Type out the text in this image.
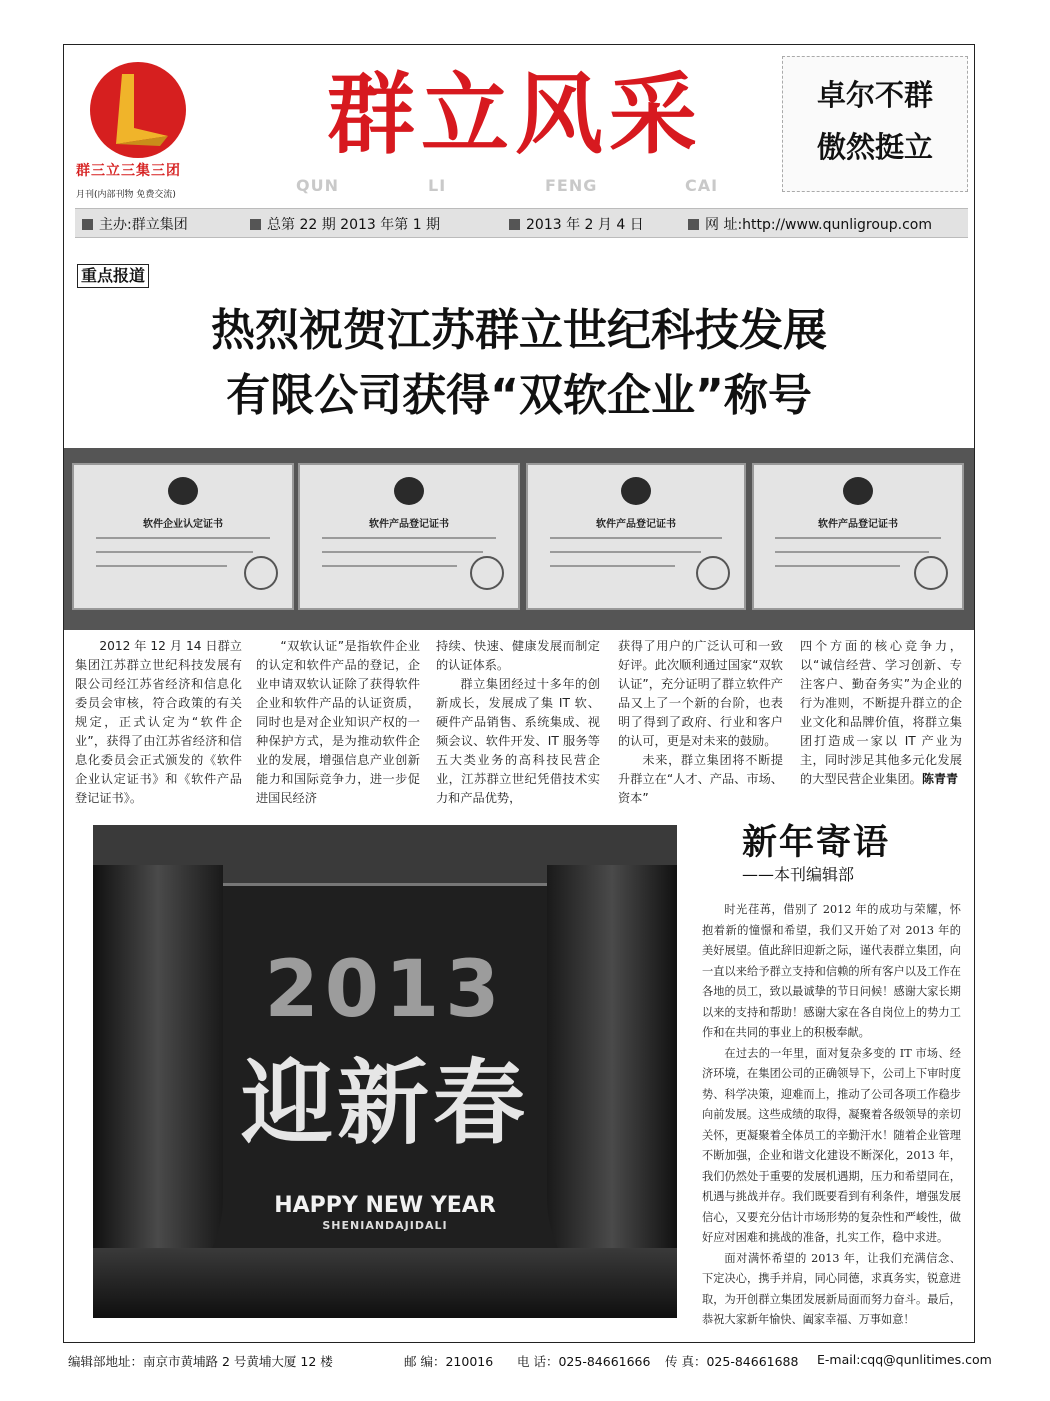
群三立三集三团
月刊(内部刊物 免费交流)
群立风采
QUN	LI	FENG	CAI
卓尔不群
傲然挺立
主办:群立集团	总第 22 期 2013 年第 1 期	2013 年 2 月 4 日	网 址:http://www.qunligroup.com
重点报道
热烈祝贺江苏群立世纪科技发展
有限公司获得“双软企业”称号
软件企业认定证书	软件产品登记证书	软件产品登记证书	软件产品登记证书
2012 年 12 月 14 日群立集团江苏群立世纪科技发展有限公司经江苏省经济和信息化委员会审核，符合政策的有关规定，正式认定为“软件企业”，获得了由江苏省经济和信息化委员会正式颁发的《软件企业认定证书》和《软件产品登记证书》。
“双软认证”是指软件企业的认定和软件产品的登记，企业申请双软认证除了获得软件企业和软件产品的认证资质，同时也是对企业知识产权的一种保护方式，是为推动软件企业的发展，增强信息产业创新能力和国际竞争力，进一步促进国民经济

持续、快速、健康发展而制定的认证体系。

群立集团经过十多年的创新成长，发展成了集 IT 软、硬件产品销售、系统集成、视频会议、软件开发、IT 服务等五大类业务的高科技民营企业，江苏群立世纪凭借技术实力和产品优势，

获得了用户的广泛认可和一致好评。此次顺利通过国家“双软认证”，充分证明了群立软件产品又上了一个新的台阶，也表明了得到了政府、行业和客户的认可，更是对未来的鼓励。

未来，群立集团将不断提升群立在“人才、产品、市场、资本”

四个方面的核心竞争力，以“诚信经营、学习创新、专注客户、勤奋务实”为企业的行为准则，不断提升群立的企业文化和品牌价值，将群立集团打造成一家以 IT 产业为主，同时涉足其他多元化发展的大型民营企业集团。 陈青青
2013
迎新春
HAPPY NEW YEAR
SHENIANDAJIDALI
新年寄语
——本刊编辑部

时光荏苒，借别了 2012 年的成功与荣耀，怀抱着新的憧憬和希望，我们又开始了对 2013 年的美好展望。值此辞旧迎新之际，谨代表群立集团，向一直以来给予群立支持和信赖的所有客户以及工作在各地的员工，致以最诚挚的节日问候！感谢大家长期以来的支持和帮助！感谢大家在各自岗位上的势力工作和在共同的事业上的积极奉献。

在过去的一年里，面对复杂多变的 IT 市场、经济环境，在集团公司的正确领导下，公司上下审时度势、科学决策，迎难而上，推动了公司各项工作稳步向前发展。这些成绩的取得，凝聚着各级领导的亲切关怀，更凝聚着全体员工的辛勤汗水！随着企业管理不断加强，企业和谐文化建设不断深化，2013 年，我们仍然处于重要的发展机遇期，压力和希望同在，机遇与挑战并存。我们既要看到有利条件，增强发展信心，又要充分估计市场形势的复杂性和严峻性，做好应对困难和挑战的准备，扎实工作，稳中求进。

面对满怀希望的 2013 年，让我们充满信念、下定决心，携手并肩，同心同德，求真务实，锐意进取，为开创群立集团发展新局面而努力奋斗。最后，恭祝大家新年愉快、阖家幸福、万事如意！

编辑部地址：南京市黄埔路 2 号黄埔大厦 12 楼	邮 编：210016 电 话：025-84661666 传 真：025-84661688 E-mail:cqq@qunlitimes.com
